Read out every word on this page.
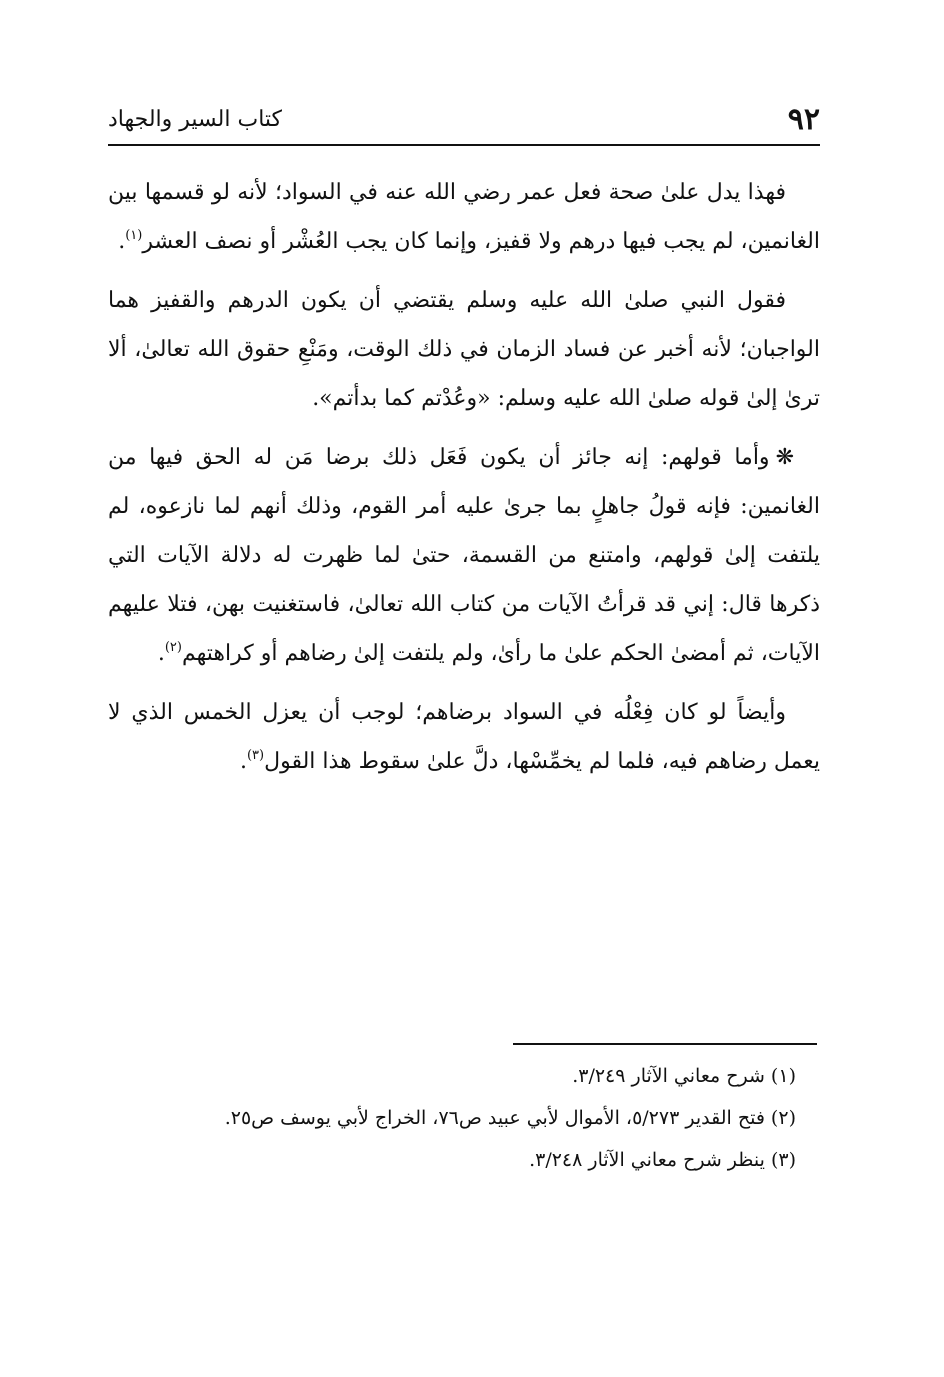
٩٢
كتاب السير والجهاد

فهذا يدل علىٰ صحة فعل عمر رضي الله عنه في السواد؛ لأنه لو قسمها بين الغانمين، لم يجب فيها درهم ولا قفيز، وإنما كان يجب العُشْر أو نصف العشر$^{(١)}$.

فقول النبي صلىٰ الله عليه وسلم يقتضي أن يكون الدرهم والقفيز هما الواجبان؛ لأنه أخبر عن فساد الزمان في ذلك الوقت، ومَنْعِ حقوق الله تعالىٰ، ألا ترىٰ إلىٰ قوله صلىٰ الله عليه وسلم: «وعُدْتم كما بدأتم».

❋وأما قولهم: إنه جائز أن يكون فَعَل ذلك برضا مَن له الحق فيها من الغانمين: فإنه قولُ جاهلٍ بما جرىٰ عليه أمر القوم، وذلك أنهم لما نازعوه، لم يلتفت إلىٰ قولهم، وامتنع من القسمة، حتىٰ لما ظهرت له دلالة الآيات التي ذكرها قال: إني قد قرأتُ الآيات من كتاب الله تعالىٰ، فاستغنيت بهن، فتلا عليهم الآيات، ثم أمضىٰ الحكم علىٰ ما رأىٰ، ولم يلتفت إلىٰ رضاهم أو كراهتهم$^{(٢)}$.

وأيضاً لو كان فِعْلُه في السواد برضاهم؛ لوجب أن يعزل الخمس الذي لا يعمل رضاهم فيه، فلما لم يخمِّسْها، دلَّ علىٰ سقوط هذا القول$^{(٣)}$.

(١) شرح معاني الآثار ٣/٢٤٩.

(٢) فتح القدير ٥/٢٧٣، الأموال لأبي عبيد ص٧٦، الخراج لأبي يوسف ص٢٥.

(٣) ينظر شرح معاني الآثار ٣/٢٤٨.
